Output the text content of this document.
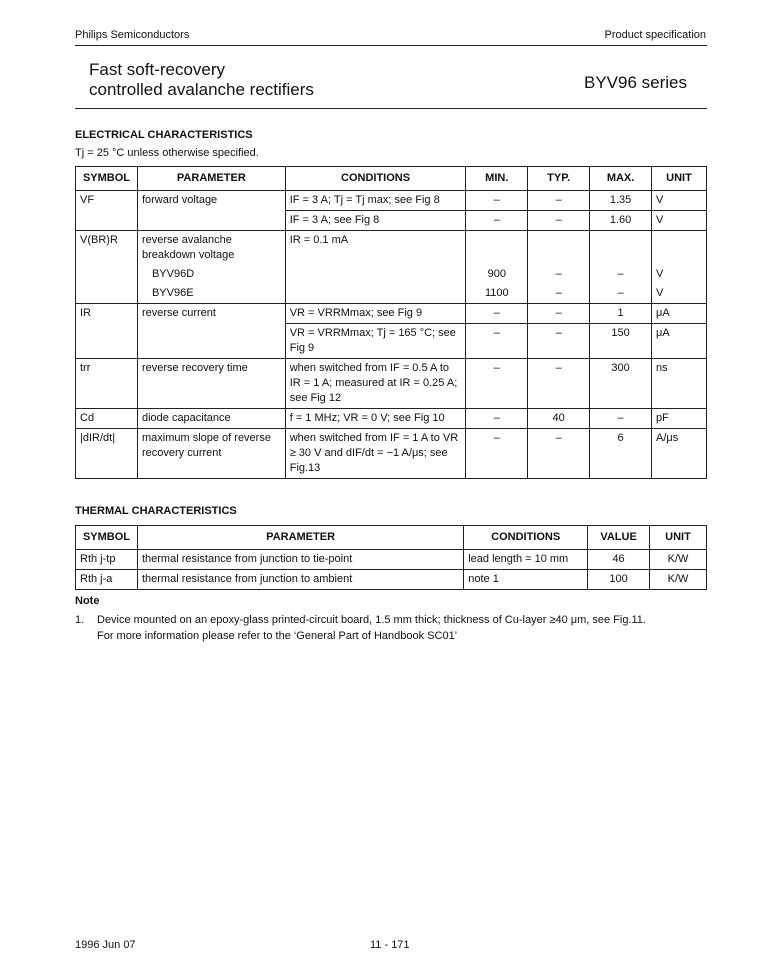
Philips Semiconductors	Product specification
Fast soft-recovery
controlled avalanche rectifiers	BYV96 series
ELECTRICAL CHARACTERISTICS
Tj = 25 °C unless otherwise specified.
SYMBOL	PARAMETER	CONDITIONS	MIN.	TYP.	MAX.	UNIT
VF	forward voltage	IF = 3 A; Tj = Tj max; see Fig 8	–	–	1.35	V
		IF = 3 A; see Fig 8	–	–	1.60	V
V(BR)R	reverse avalanche breakdown voltage	IR = 0.1 mA				
	BYV96D		900	–	–	V
	BYV96E		1100	–	–	V
IR	reverse current	VR = VRRMmax; see Fig 9	–	–	1	μA
		VR = VRRMmax; Tj = 165 °C; see Fig 9	–	–	150	μA
trr	reverse recovery time	when switched from IF = 0.5 A to IR = 1 A; measured at IR = 0.25 A; see Fig 12	–	–	300	ns
Cd	diode capacitance	f = 1 MHz; VR = 0 V; see Fig 10	–	40	–	pF
|dIR/dt|	maximum slope of reverse recovery current	when switched from IF = 1 A to VR ≥ 30 V and dIF/dt = −1 A/μs; see Fig.13	–	–	6	A/μs
THERMAL CHARACTERISTICS
SYMBOL	PARAMETER	CONDITIONS	VALUE	UNIT
Rth j-tp	thermal resistance from junction to tie-point	lead length = 10 mm	46	K/W
Rth j-a	thermal resistance from junction to ambient	note 1	100	K/W
Note
1. Device mounted on an epoxy-glass printed-circuit board, 1.5 mm thick; thickness of Cu-layer ≥40 μm, see Fig.11.
For more information please refer to the ‘General Part of Handbook SC01’
1996 Jun 07	11 - 171
